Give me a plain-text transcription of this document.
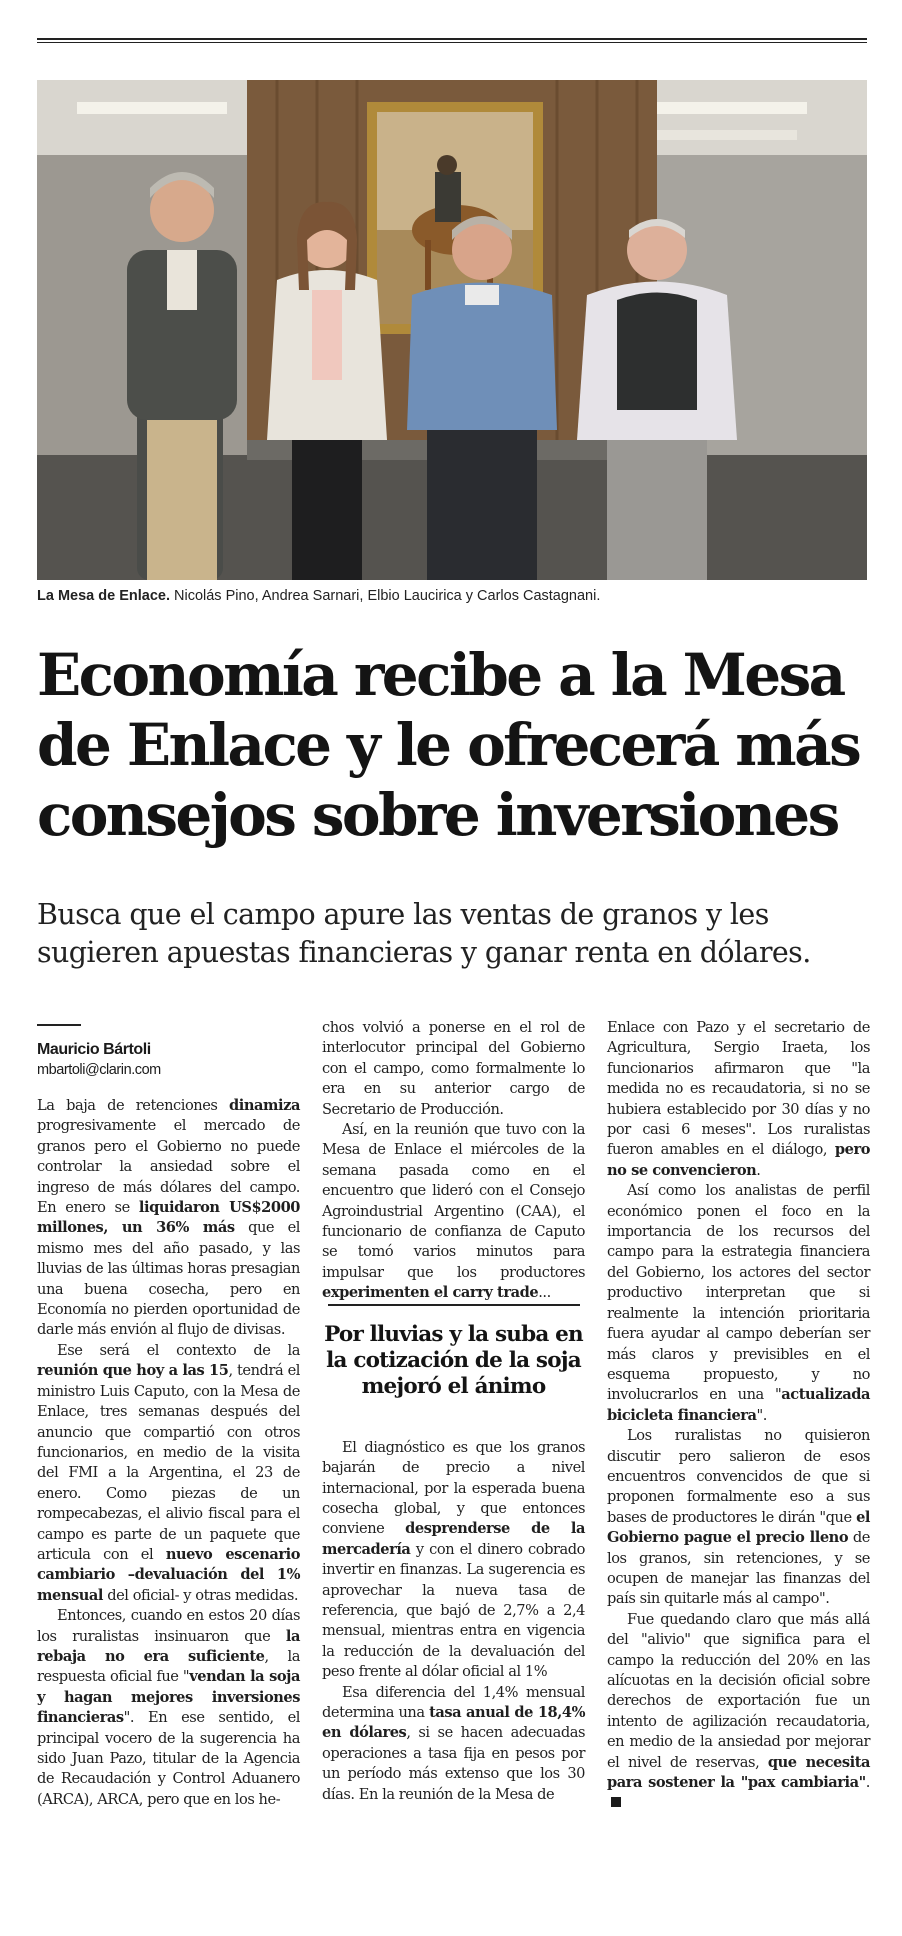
La Mesa de Enlace. Nicolás Pino, Andrea Sarnari, Elbio Laucirica y Carlos Castagnani.
Economía recibe a la Mesa de Enlace y le ofrecerá más consejos sobre inversiones
Busca que el campo apure las ventas de granos y les sugieren apuestas financieras y ganar renta en dólares.
Mauricio Bártoli
mbartoli@clarin.com

La baja de retenciones dinamiza progresivamente el mercado de granos pero el Gobierno no puede controlar la ansiedad sobre el ingreso de más dólares del campo. En enero se liquidaron US$2000 millones, un 36% más que el mismo mes del año pasado, y las lluvias de las últimas horas presagian una buena cosecha, pero en Economía no pierden oportunidad de darle más envión al flujo de divisas.

Ese será el contexto de la reunión que hoy a las 15, tendrá el ministro Luis Caputo, con la Mesa de Enlace, tres semanas después del anuncio que compartió con otros funcionarios, en medio de la visita del FMI a la Argentina, el 23 de enero. Como piezas de un rompecabezas, el alivio fiscal para el campo es parte de un paquete que articula con el nuevo escenario cambiario –devaluación del 1% mensual del oficial- y otras medidas.

Entonces, cuando en estos 20 días los ruralistas insinuaron que la rebaja no era suficiente, la respuesta oficial fue "vendan la soja y hagan mejores inversiones financieras". En ese sentido, el principal vocero de la sugerencia ha sido Juan Pazo, titular de la Agencia de Recaudación y Control Aduanero (ARCA), ARCA, pero que en los he-

chos volvió a ponerse en el rol de interlocutor principal del Gobierno con el campo, como formalmente lo era en su anterior cargo de Secretario de Producción.

Así, en la reunión que tuvo con la Mesa de Enlace el miércoles de la semana pasada como en el encuentro que lideró con el Consejo Agroindustrial Argentino (CAA), el funcionario de confianza de Caputo se tomó varios minutos para impulsar que los productores experimenten el carry trade...

Por lluvias y la suba en la cotización de la soja mejoró el ánimo

El diagnóstico es que los granos bajarán de precio a nivel internacional, por la esperada buena cosecha global, y que entonces conviene desprenderse de la mercadería y con el dinero cobrado invertir en finanzas. La sugerencia es aprovechar la nueva tasa de referencia, que bajó de 2,7% a 2,4 mensual, mientras entra en vigencia la reducción de la devaluación del peso frente al dólar oficial al 1%

Esa diferencia del 1,4% mensual determina una tasa anual de 18,4% en dólares, si se hacen adecuadas operaciones a tasa fija en pesos por un período más extenso que los 30 días. En la reunión de la Mesa de

Enlace con Pazo y el secretario de Agricultura, Sergio Iraeta, los funcionarios afirmaron que "la medida no es recaudatoria, si no se hubiera establecido por 30 días y no por casi 6 meses". Los ruralistas fueron amables en el diálogo, pero no se convencieron.

Así como los analistas de perfil económico ponen el foco en la importancia de los recursos del campo para la estrategia financiera del Gobierno, los actores del sector productivo interpretan que si realmente la intención prioritaria fuera ayudar al campo deberían ser más claros y previsibles en el esquema propuesto, y no involucrarlos en una "actualizada bicicleta financiera".

Los ruralistas no quisieron discutir pero salieron de esos encuentros convencidos de que si proponen formalmente eso a sus bases de productores le dirán "que el Gobierno pague el precio lleno de los granos, sin retenciones, y se ocupen de manejar las finanzas del país sin quitarle más al campo".

Fue quedando claro que más allá del "alivio" que significa para el campo la reducción del 20% en las alícuotas en la decisión oficial sobre derechos de exportación fue un intento de agilización recaudatoria, en medio de la ansiedad por mejorar el nivel de reservas, que necesita para sostener la "pax cambiaria".
